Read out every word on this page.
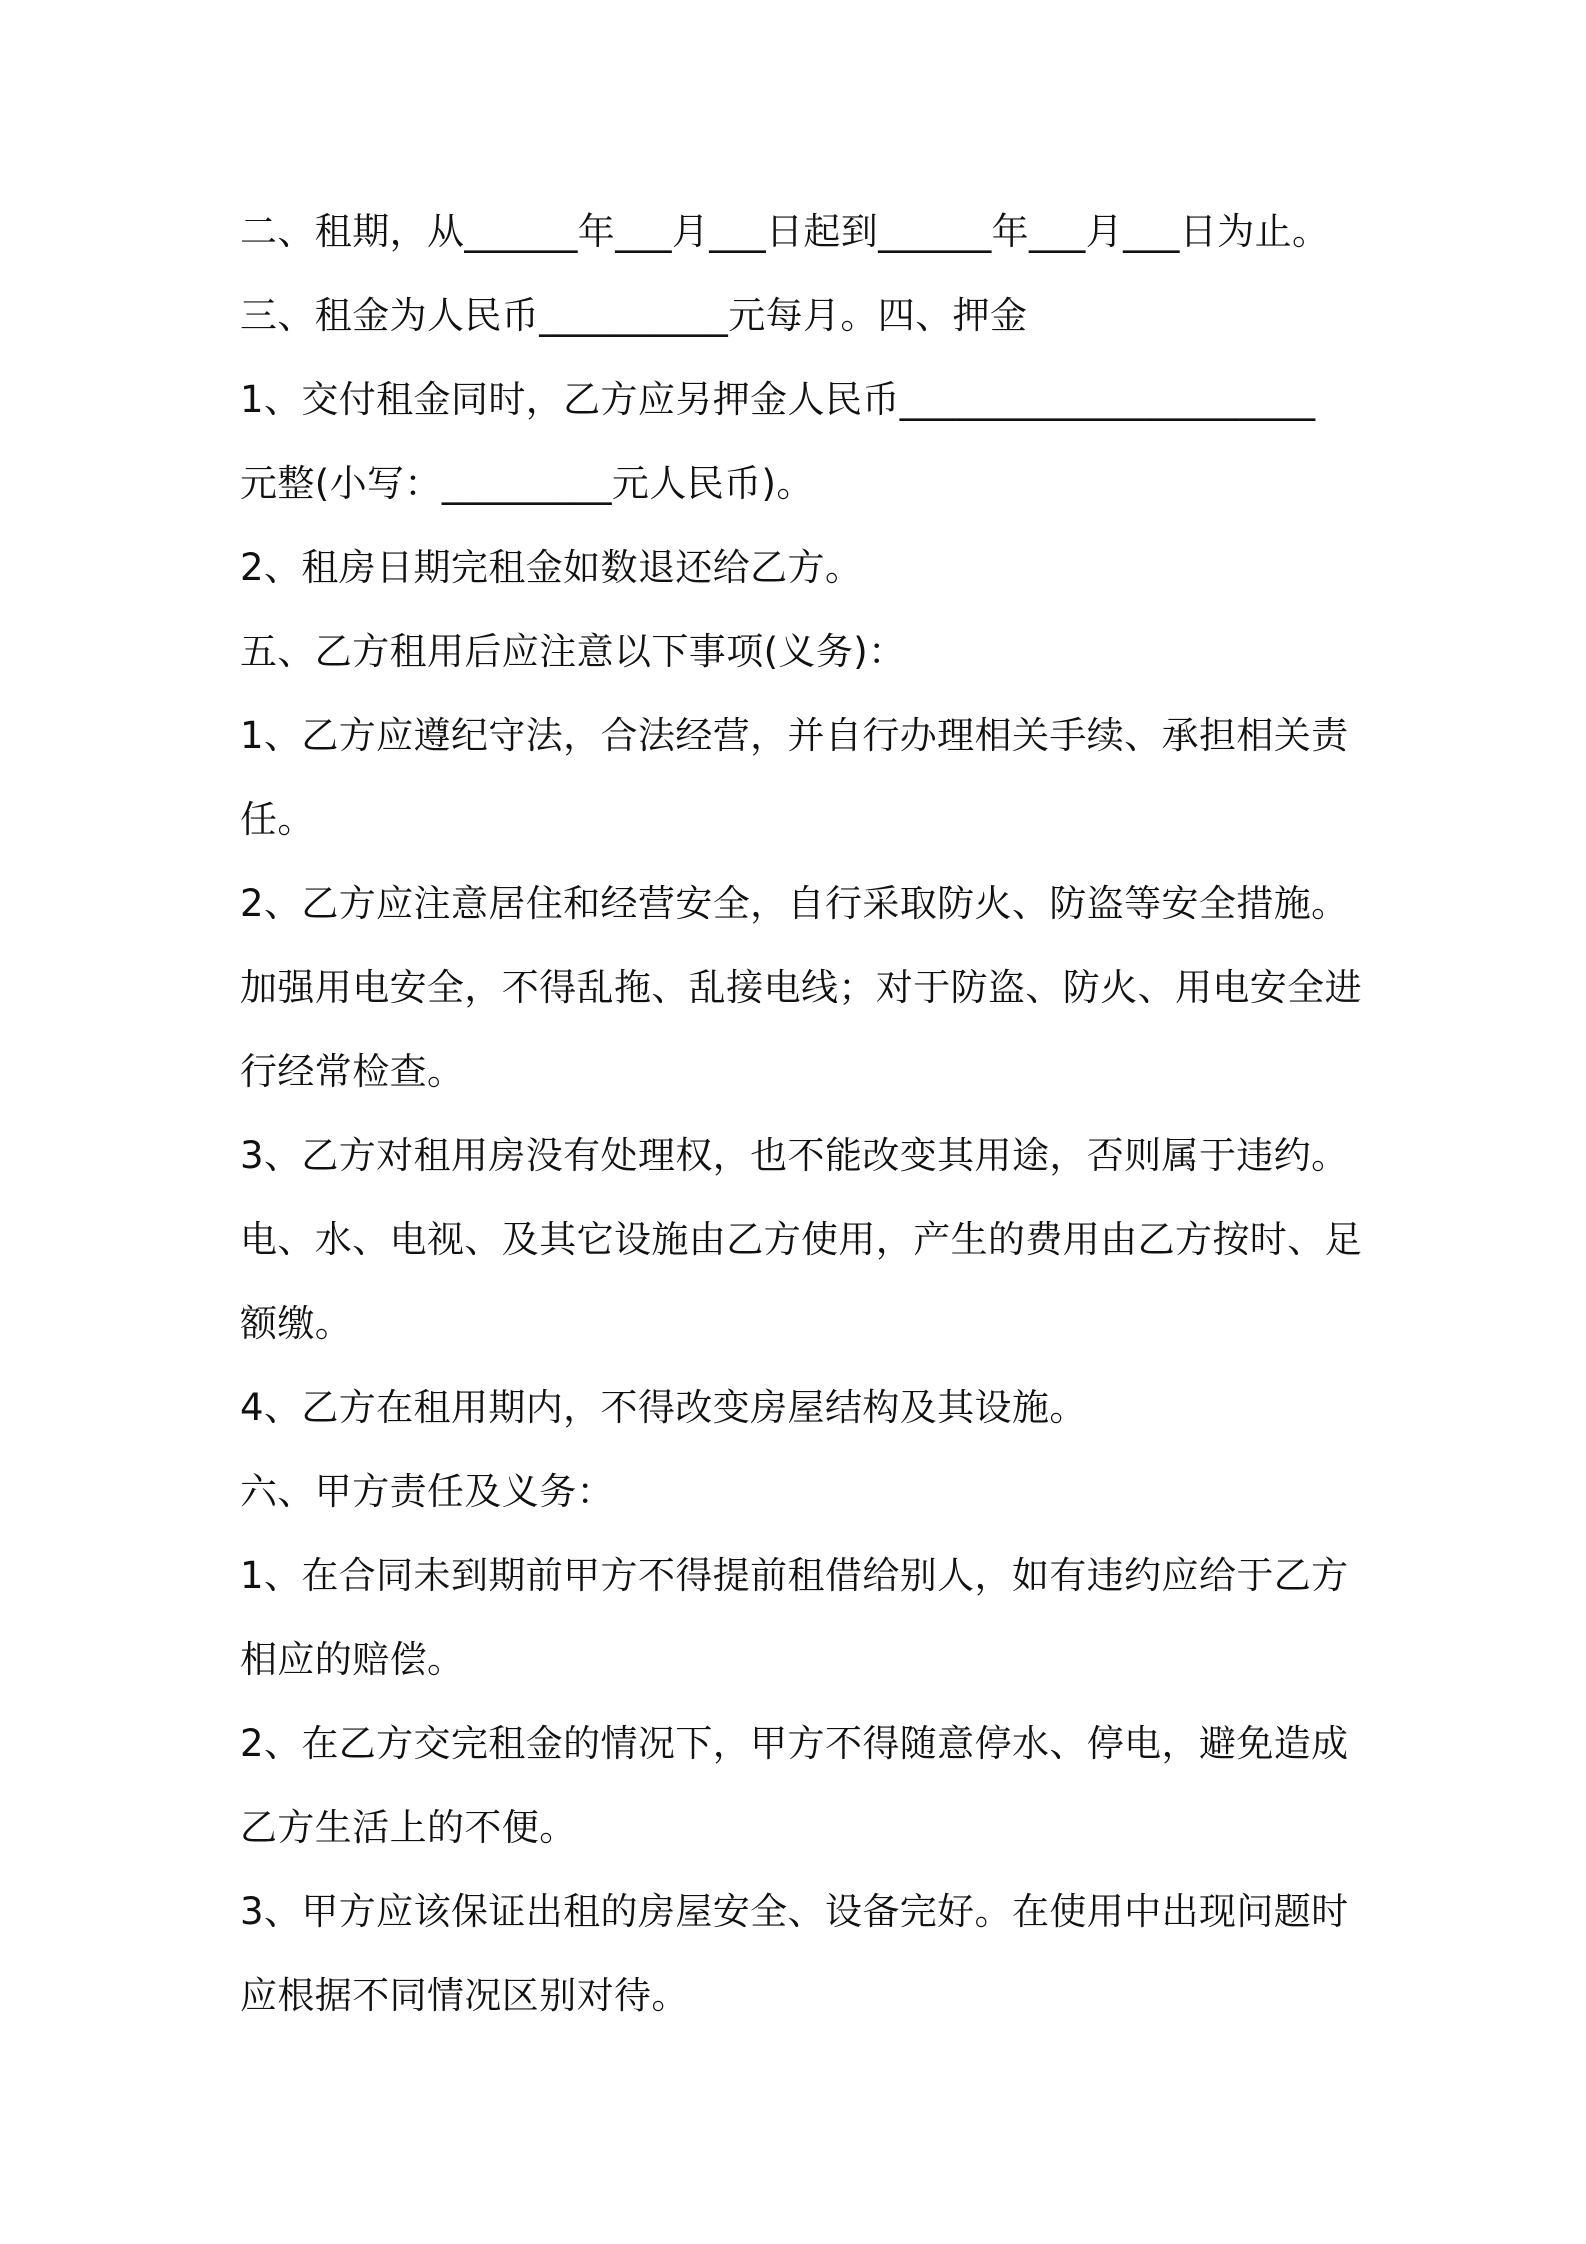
二、租期，从______年___月___日起到______年___月___日为止。
三、租金为人民币__________元每月。四、押金
1、交付租金同时，乙方应另押金人民币______________________
元整(小写：_________元人民币)。
2、租房日期完租金如数退还给乙方。
五、乙方租用后应注意以下事项(义务)：
1、乙方应遵纪守法，合法经营，并自行办理相关手续、承担相关责
任。
2、乙方应注意居住和经营安全，自行采取防火、防盗等安全措施。
加强用电安全，不得乱拖、乱接电线；对于防盗、防火、用电安全进
行经常检查。
3、乙方对租用房没有处理权，也不能改变其用途，否则属于违约。
电、水、电视、及其它设施由乙方使用，产生的费用由乙方按时、足
额缴。
4、乙方在租用期内，不得改变房屋结构及其设施。
六、甲方责任及义务：
1、在合同未到期前甲方不得提前租借给别人，如有违约应给于乙方
相应的赔偿。
2、在乙方交完租金的情况下，甲方不得随意停水、停电，避免造成
乙方生活上的不便。
3、甲方应该保证出租的房屋安全、设备完好。在使用中出现问题时
应根据不同情况区别对待。
